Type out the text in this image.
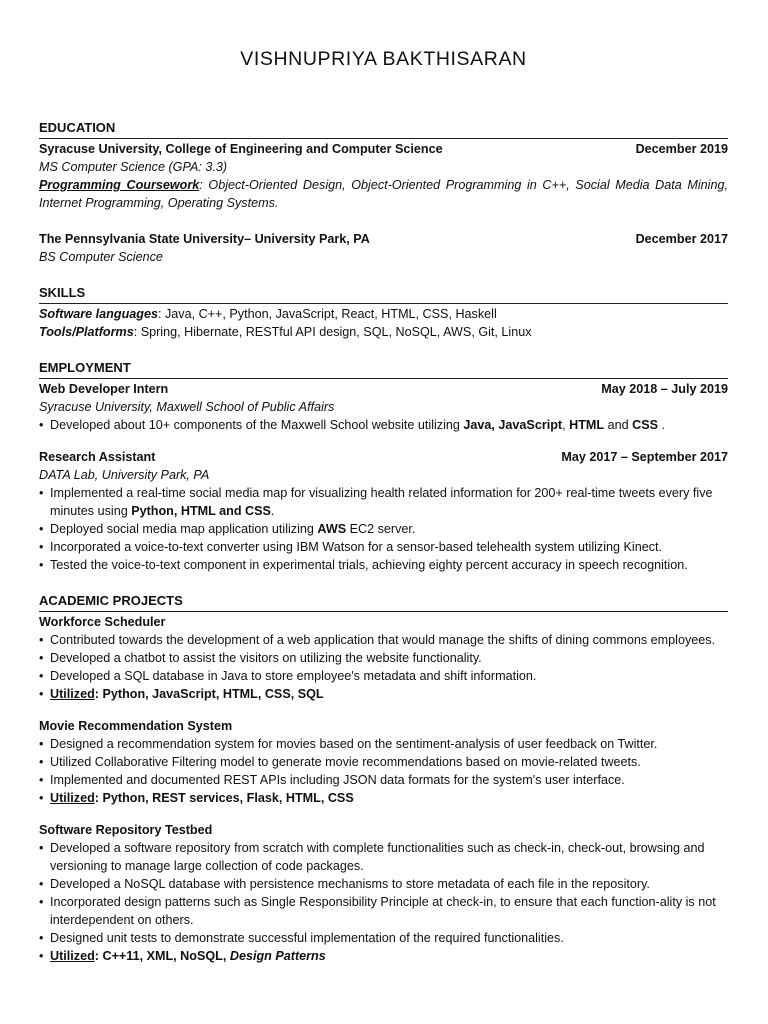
VISHNUPRIYA BAKTHISARAN
EDUCATION
Syracuse University, College of Engineering and Computer Science	December 2019
MS Computer Science (GPA: 3.3)
Programming Coursework: Object-Oriented Design, Object-Oriented Programming in C++, Social Media Data Mining, Internet Programming, Operating Systems.
The Pennsylvania State University– University Park, PA	December 2017
BS Computer Science
SKILLS
Software languages: Java, C++, Python, JavaScript, React, HTML, CSS, Haskell
Tools/Platforms: Spring, Hibernate, RESTful API design, SQL, NoSQL, AWS, Git, Linux
EMPLOYMENT
Web Developer Intern	May 2018 – July 2019
Syracuse University, Maxwell School of Public Affairs
• Developed about 10+ components of the Maxwell School website utilizing Java, JavaScript, HTML and CSS .
Research Assistant	May 2017 – September 2017
DATA Lab, University Park, PA
• Implemented a real-time social media map for visualizing health related information for 200+ real-time tweets every five minutes using Python, HTML and CSS.
• Deployed social media map application utilizing AWS EC2 server.
• Incorporated a voice-to-text converter using IBM Watson for a sensor-based telehealth system utilizing Kinect.
• Tested the voice-to-text component in experimental trials, achieving eighty percent accuracy in speech recognition.
ACADEMIC PROJECTS
Workforce Scheduler
• Contributed towards the development of a web application that would manage the shifts of dining commons employees.
• Developed a chatbot to assist the visitors on utilizing the website functionality.
• Developed a SQL database in Java to store employee's metadata and shift information.
• Utilized: Python, JavaScript, HTML, CSS, SQL
Movie Recommendation System
• Designed a recommendation system for movies based on the sentiment-analysis of user feedback on Twitter.
• Utilized Collaborative Filtering model to generate movie recommendations based on movie-related tweets.
• Implemented and documented REST APIs including JSON data formats for the system's user interface.
• Utilized: Python, REST services, Flask, HTML, CSS
Software Repository Testbed
• Developed a software repository from scratch with complete functionalities such as check-in, check-out, browsing and versioning to manage large collection of code packages.
• Developed a NoSQL database with persistence mechanisms to store metadata of each file in the repository.
• Incorporated design patterns such as Single Responsibility Principle at check-in, to ensure that each function-ality is not interdependent on others.
• Designed unit tests to demonstrate successful implementation of the required functionalities.
• Utilized: C++11, XML, NoSQL, Design Patterns
